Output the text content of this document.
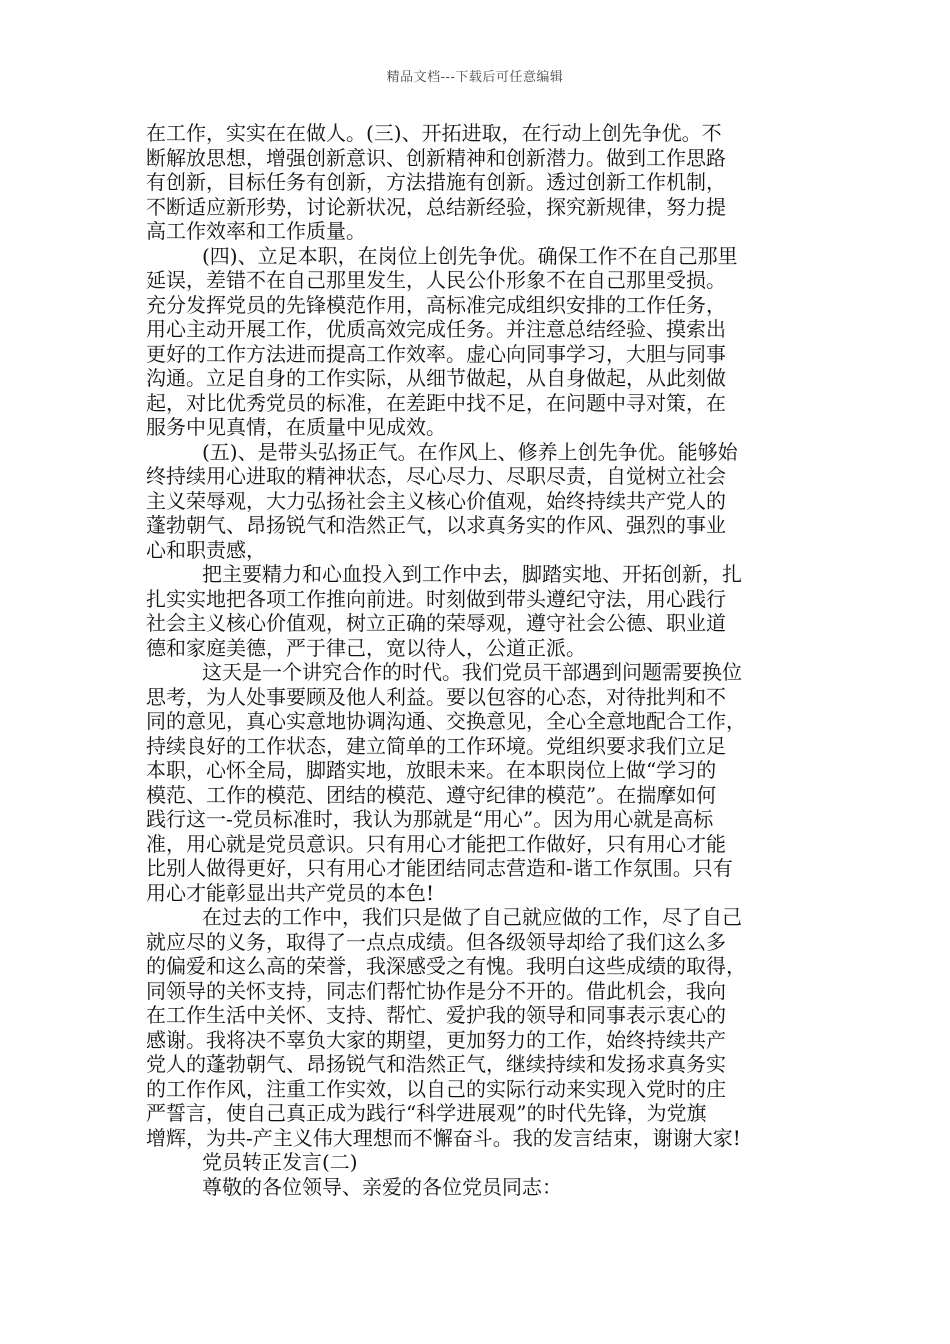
精品文档---下载后可任意编辑
在工作，实实在在做人。(三)、开拓进取，在行动上创先争优。不
断解放思想，增强创新意识、创新精神和创新潜力。做到工作思路
有创新，目标任务有创新，方法措施有创新。透过创新工作机制，
不断适应新形势，讨论新状况，总结新经验，探究新规律，努力提
高工作效率和工作质量。
(四)、立足本职，在岗位上创先争优。确保工作不在自己那里
延误，差错不在自己那里发生，人民公仆形象不在自己那里受损。
充分发挥党员的先锋模范作用，高标准完成组织安排的工作任务，
用心主动开展工作，优质高效完成任务。并注意总结经验、摸索出
更好的工作方法进而提高工作效率。虚心向同事学习，大胆与同事
沟通。立足自身的工作实际，从细节做起，从自身做起，从此刻做
起，对比优秀党员的标准，在差距中找不足，在问题中寻对策，在
服务中见真情，在质量中见成效。
(五)、是带头弘扬正气。在作风上、修养上创先争优。能够始
终持续用心进取的精神状态，尽心尽力、尽职尽责，自觉树立社会
主义荣辱观，大力弘扬社会主义核心价值观，始终持续共产党人的
蓬勃朝气、昂扬锐气和浩然正气，以求真务实的作风、强烈的事业
心和职责感，
把主要精力和心血投入到工作中去，脚踏实地、开拓创新，扎
扎实实地把各项工作推向前进。时刻做到带头遵纪守法，用心践行
社会主义核心价值观，树立正确的荣辱观，遵守社会公德、职业道
德和家庭美德，严于律己，宽以待人，公道正派。
这天是一个讲究合作的时代。我们党员干部遇到问题需要换位
思考，为人处事要顾及他人利益。要以包容的心态，对待批判和不
同的意见，真心实意地协调沟通、交换意见，全心全意地配合工作，
持续良好的工作状态，建立简单的工作环境。党组织要求我们立足
本职，心怀全局，脚踏实地，放眼未来。在本职岗位上做“学习的
模范、工作的模范、团结的模范、遵守纪律的模范”。在揣摩如何
践行这一-党员标准时，我认为那就是“用心”。因为用心就是高标
准，用心就是党员意识。只有用心才能把工作做好，只有用心才能
比别人做得更好，只有用心才能团结同志营造和-谐工作氛围。只有
用心才能彰显出共产党员的本色!
在过去的工作中，我们只是做了自己就应做的工作，尽了自己
就应尽的义务，取得了一点点成绩。但各级领导却给了我们这么多
的偏爱和这么高的荣誉，我深感受之有愧。我明白这些成绩的取得，
同领导的关怀支持，同志们帮忙协作是分不开的。借此机会，我向
在工作生活中关怀、支持、帮忙、爱护我的领导和同事表示衷心的
感谢。我将决不辜负大家的期望，更加努力的工作，始终持续共产
党人的蓬勃朝气、昂扬锐气和浩然正气，继续持续和发扬求真务实
的工作作风，注重工作实效，以自己的实际行动来实现入党时的庄
严誓言，使自己真正成为践行“科学进展观”的时代先锋，为党旗
增辉，为共-产主义伟大理想而不懈奋斗。我的发言结束，谢谢大家!
党员转正发言(二)
尊敬的各位领导、亲爱的各位党员同志：
